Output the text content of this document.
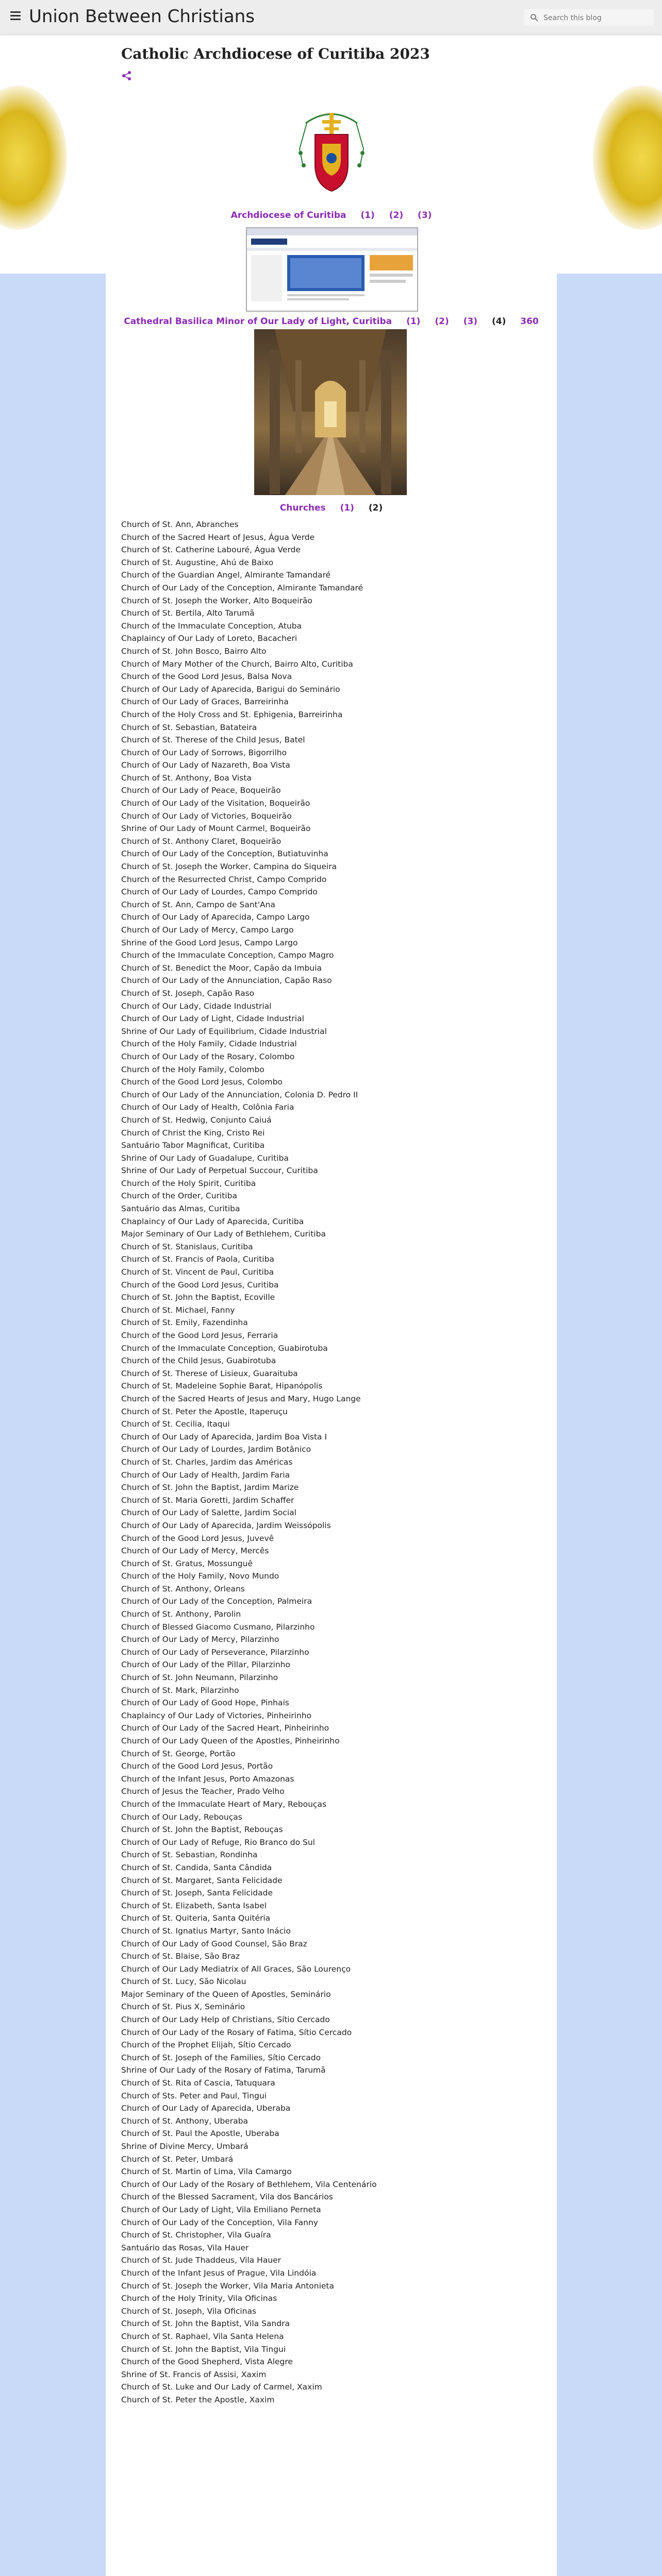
Union Between Christians
Search this blog
Catholic Archdiocese of Curitiba 2023
Archdiocese of Curitiba (1) (2) (3)
Cathedral Basilica Minor of Our Lady of Light, Curitiba (1) (2) (3) (4) 360
Churches (1) (2)
Church of St. Ann, Abranches
Church of the Sacred Heart of Jesus, Água Verde
Church of St. Catherine Labouré, Água Verde
Church of St. Augustine, Ahú de Baixo
Church of the Guardian Angel, Almirante Tamandaré
Church of Our Lady of the Conception, Almirante Tamandaré
Church of St. Joseph the Worker, Alto Boqueirão
Church of St. Bertila, Alto Tarumã
Church of the Immaculate Conception, Atuba
Chaplaincy of Our Lady of Loreto, Bacacheri
Church of St. John Bosco, Bairro Alto
Church of Mary Mother of the Church, Bairro Alto, Curitiba
Church of the Good Lord Jesus, Balsa Nova
Church of Our Lady of Aparecida, Barigui do Seminário
Church of Our Lady of Graces, Barreirinha
Church of the Holy Cross and St. Ephigenia, Barreirinha
Church of St. Sebastian, Batateira
Church of St. Therese of the Child Jesus, Batel
Church of Our Lady of Sorrows, Bigorrilho
Church of Our Lady of Nazareth, Boa Vista
Church of St. Anthony, Boa Vista
Church of Our Lady of Peace, Boqueirão
Church of Our Lady of the Visitation, Boqueirão
Church of Our Lady of Victories, Boqueirão
Shrine of Our Lady of Mount Carmel, Boqueirão
Church of St. Anthony Claret, Boqueirão
Church of Our Lady of the Conception, Butiatuvinha
Church of St. Joseph the Worker, Campina do Siqueira
Church of the Resurrected Christ, Campo Comprido
Church of Our Lady of Lourdes, Campo Comprido
Church of St. Ann, Campo de Sant'Ana
Church of Our Lady of Aparecida, Campo Largo
Church of Our Lady of Mercy, Campo Largo
Shrine of the Good Lord Jesus, Campo Largo
Church of the Immaculate Conception, Campo Magro
Church of St. Benedict the Moor, Capão da Imbuia
Church of Our Lady of the Annunciation, Capão Raso
Church of St. Joseph, Capão Raso
Church of Our Lady, Cidade Industrial
Church of Our Lady of Light, Cidade Industrial
Shrine of Our Lady of Equilibrium, Cidade Industrial
Church of the Holy Family, Cidade Industrial
Church of Our Lady of the Rosary, Colombo
Church of the Holy Family, Colombo
Church of the Good Lord Jesus, Colombo
Church of Our Lady of the Annunciation, Colonia D. Pedro II
Church of Our Lady of Health, Colônia Faria
Church of St. Hedwig, Conjunto Caiuá
Church of Christ the King, Cristo Rei
Santuário Tabor Magnificat, Curitiba
Shrine of Our Lady of Guadalupe, Curitiba
Shrine of Our Lady of Perpetual Succour, Curitiba
Church of the Holy Spirit, Curitiba
Church of the Order, Curitiba
Santuário das Almas, Curitiba
Chaplaincy of Our Lady of Aparecida, Curitiba
Major Seminary of Our Lady of Bethlehem, Curitiba
Church of St. Stanislaus, Curitiba
Church of St. Francis of Paola, Curitiba
Church of St. Vincent de Paul, Curitiba
Church of the Good Lord Jesus, Curitiba
Church of St. John the Baptist, Ecoville
Church of St. Michael, Fanny
Church of St. Emily, Fazendinha
Church of the Good Lord Jesus, Ferraria
Church of the Immaculate Conception, Guabirotuba
Church of the Child Jesus, Guabirotuba
Church of St. Therese of Lisieux, Guaraituba
Church of St. Madeleine Sophie Barat, Hipanópolis
Church of the Sacred Hearts of Jesus and Mary, Hugo Lange
Church of St. Peter the Apostle, Itaperuçu
Church of St. Cecilia, Itaqui
Church of Our Lady of Aparecida, Jardim Boa Vista I
Church of Our Lady of Lourdes, Jardim Botânico
Church of St. Charles, Jardim das Américas
Church of Our Lady of Health, Jardim Faria
Church of St. John the Baptist, Jardim Marize
Church of St. Maria Goretti, Jardim Schaffer
Church of Our Lady of Salette, Jardim Social
Church of Our Lady of Aparecida, Jardim Weissópolis
Church of the Good Lord Jesus, Juvevê
Church of Our Lady of Mercy, Mercês
Church of St. Gratus, Mossunguê
Church of the Holy Family, Novo Mundo
Church of St. Anthony, Orleans
Church of Our Lady of the Conception, Palmeira
Church of St. Anthony, Parolin
Church of Blessed Giacomo Cusmano, Pilarzinho
Church of Our Lady of Mercy, Pilarzinho
Church of Our Lady of Perseverance, Pilarzinho
Church of Our Lady of the Pillar, Pilarzinho
Church of St. John Neumann, Pilarzinho
Church of St. Mark, Pilarzinho
Church of Our Lady of Good Hope, Pinhais
Chaplaincy of Our Lady of Victories, Pinheirinho
Church of Our Lady of the Sacred Heart, Pinheirinho
Church of Our Lady Queen of the Apostles, Pinheirinho
Church of St. George, Portão
Church of the Good Lord Jesus, Portão
Church of the Infant Jesus, Porto Amazonas
Church of Jesus the Teacher, Prado Velho
Church of the Immaculate Heart of Mary, Rebouças
Church of Our Lady, Rebouças
Church of St. John the Baptist, Rebouças
Church of Our Lady of Refuge, Rio Branco do Sul
Church of St. Sebastian, Rondinha
Church of St. Candida, Santa Cândida
Church of St. Margaret, Santa Felicidade
Church of St. Joseph, Santa Felicidade
Church of St. Elizabeth, Santa Isabel
Church of St. Quiteria, Santa Quitéria
Church of St. Ignatius Martyr, Santo Inácio
Church of Our Lady of Good Counsel, São Braz
Church of St. Blaise, São Braz
Church of Our Lady Mediatrix of All Graces, São Lourenço
Church of St. Lucy, São Nicolau
Major Seminary of the Queen of Apostles, Seminário
Church of St. Pius X, Seminário
Church of Our Lady Help of Christians, Sítio Cercado
Church of Our Lady of the Rosary of Fatima, Sítio Cercado
Church of the Prophet Elijah, Sítio Cercado
Church of St. Joseph of the Families, Sítio Cercado
Shrine of Our Lady of the Rosary of Fatima, Tarumã
Church of St. Rita of Cascia, Tatuquara
Church of Sts. Peter and Paul, Tingui
Church of Our Lady of Aparecida, Uberaba
Church of St. Anthony, Uberaba
Church of St. Paul the Apostle, Uberaba
Shrine of Divine Mercy, Umbará
Church of St. Peter, Umbará
Church of St. Martin of Lima, Vila Camargo
Church of Our Lady of the Rosary of Bethlehem, Vila Centenário
Church of the Blessed Sacrament, Vila dos Bancários
Church of Our Lady of Light, Vila Emiliano Perneta
Church of Our Lady of the Conception, Vila Fanny
Church of St. Christopher, Vila Guaíra
Santuário das Rosas, Vila Hauer
Church of St. Jude Thaddeus, Vila Hauer
Church of the Infant Jesus of Prague, Vila Lindóia
Church of St. Joseph the Worker, Vila Maria Antonieta
Church of the Holy Trinity, Vila Oficinas
Church of St. Joseph, Vila Oficinas
Church of St. John the Baptist, Vila Sandra
Church of St. Raphael, Vila Santa Helena
Church of St. John the Baptist, Vila Tingui
Church of the Good Shepherd, Vista Alegre
Shrine of St. Francis of Assisi, Xaxim
Church of St. Luke and Our Lady of Carmel, Xaxim
Church of St. Peter the Apostle, Xaxim
